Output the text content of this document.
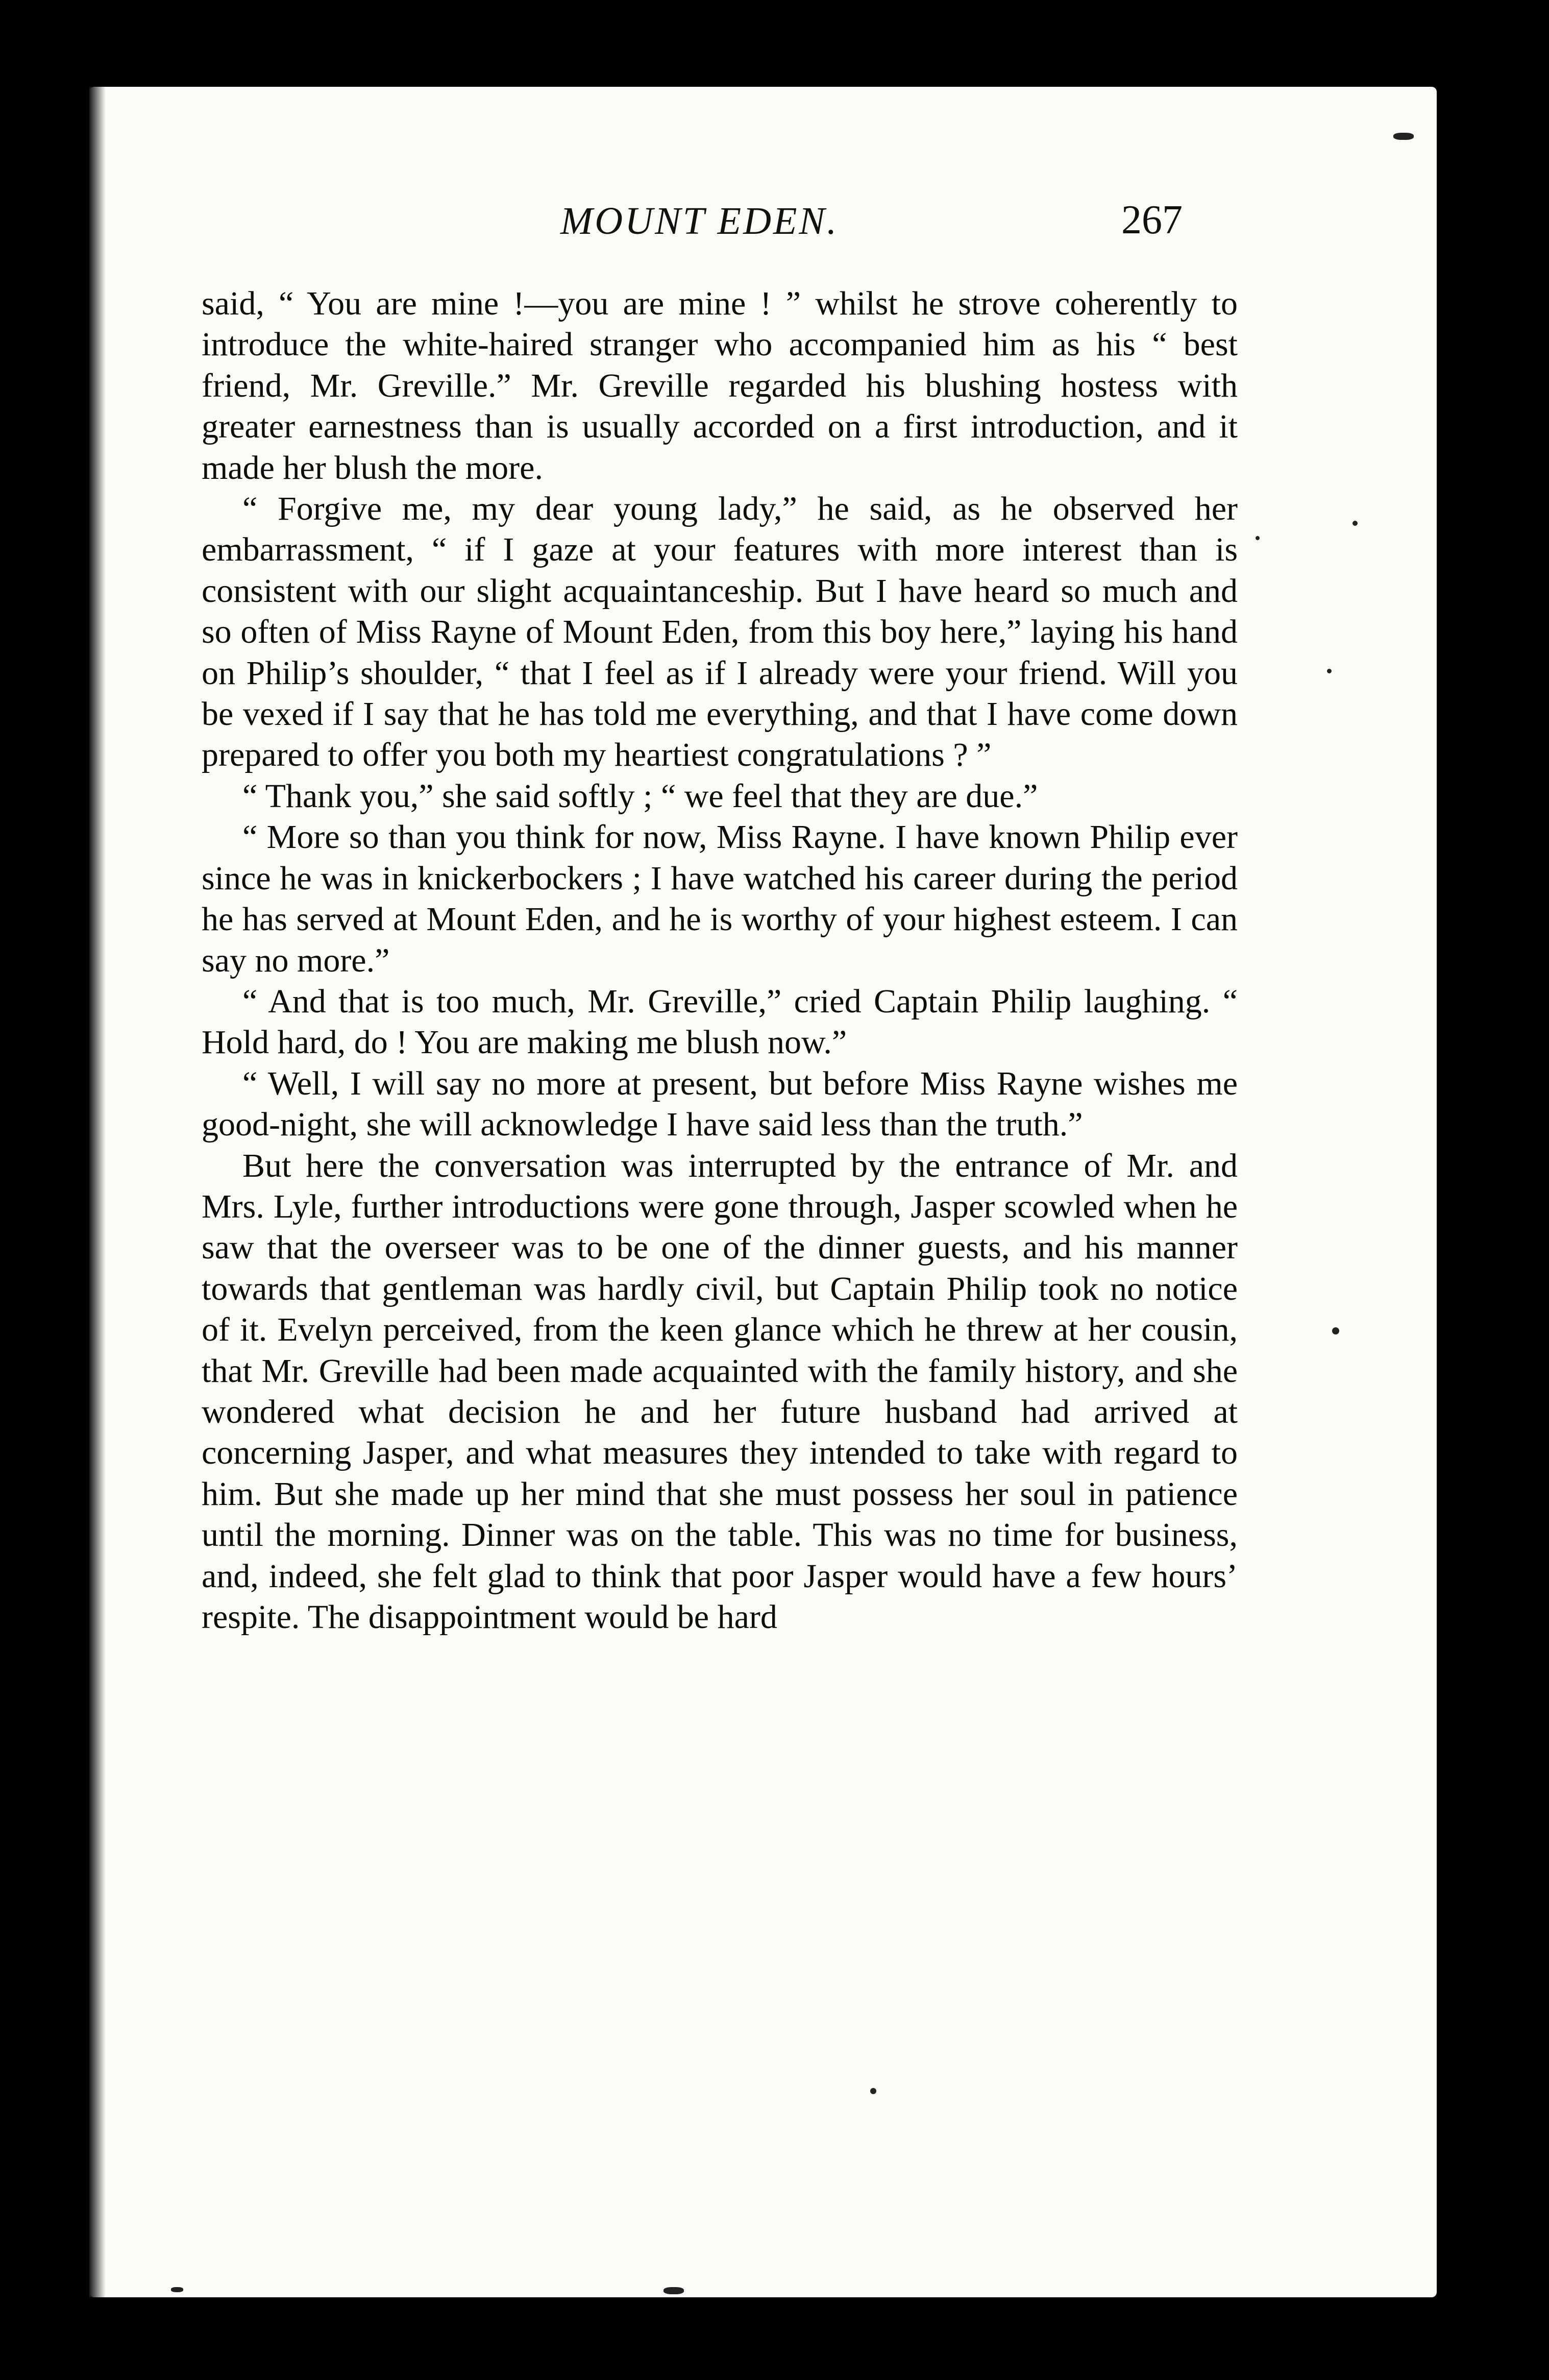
MOUNT EDEN.	267

said, “ You are mine !—you are mine ! ” whilst he strove coherently to introduce the white-haired stranger who accompanied him as his “ best friend, Mr. Greville.” Mr. Greville regarded his blushing hostess with greater earnestness than is usually accorded on a first introduction, and it made her blush the more.

“ Forgive me, my dear young lady,” he said, as he observed her embarrassment, “ if I gaze at your features with more interest than is consistent with our slight acquaintanceship. But I have heard so much and so often of Miss Rayne of Mount Eden, from this boy here,” laying his hand on Philip’s shoulder, “ that I feel as if I already were your friend. Will you be vexed if I say that he has told me everything, and that I have come down prepared to offer you both my heartiest congratulations ? ”

“ Thank you,” she said softly ; “ we feel that they are due.”

“ More so than you think for now, Miss Rayne. I have known Philip ever since he was in knickerbockers ; I have watched his career during the period he has served at Mount Eden, and he is worthy of your highest esteem. I can say no more.”

“ And that is too much, Mr. Greville,” cried Captain Philip laughing. “ Hold hard, do ! You are making me blush now.”

“ Well, I will say no more at present, but before Miss Rayne wishes me good-night, she will acknowledge I have said less than the truth.”

But here the conversation was interrupted by the entrance of Mr. and Mrs. Lyle, further introductions were gone through, Jasper scowled when he saw that the overseer was to be one of the dinner guests, and his manner towards that gentleman was hardly civil, but Captain Philip took no notice of it. Evelyn perceived, from the keen glance which he threw at her cousin, that Mr. Greville had been made acquainted with the family history, and she wondered what decision he and her future husband had arrived at concerning Jasper, and what measures they intended to take with regard to him. But she made up her mind that she must possess her soul in patience until the morning. Dinner was on the table. This was no time for business, and, indeed, she felt glad to think that poor Jasper would have a few hours’ respite. The disappointment would be hard
